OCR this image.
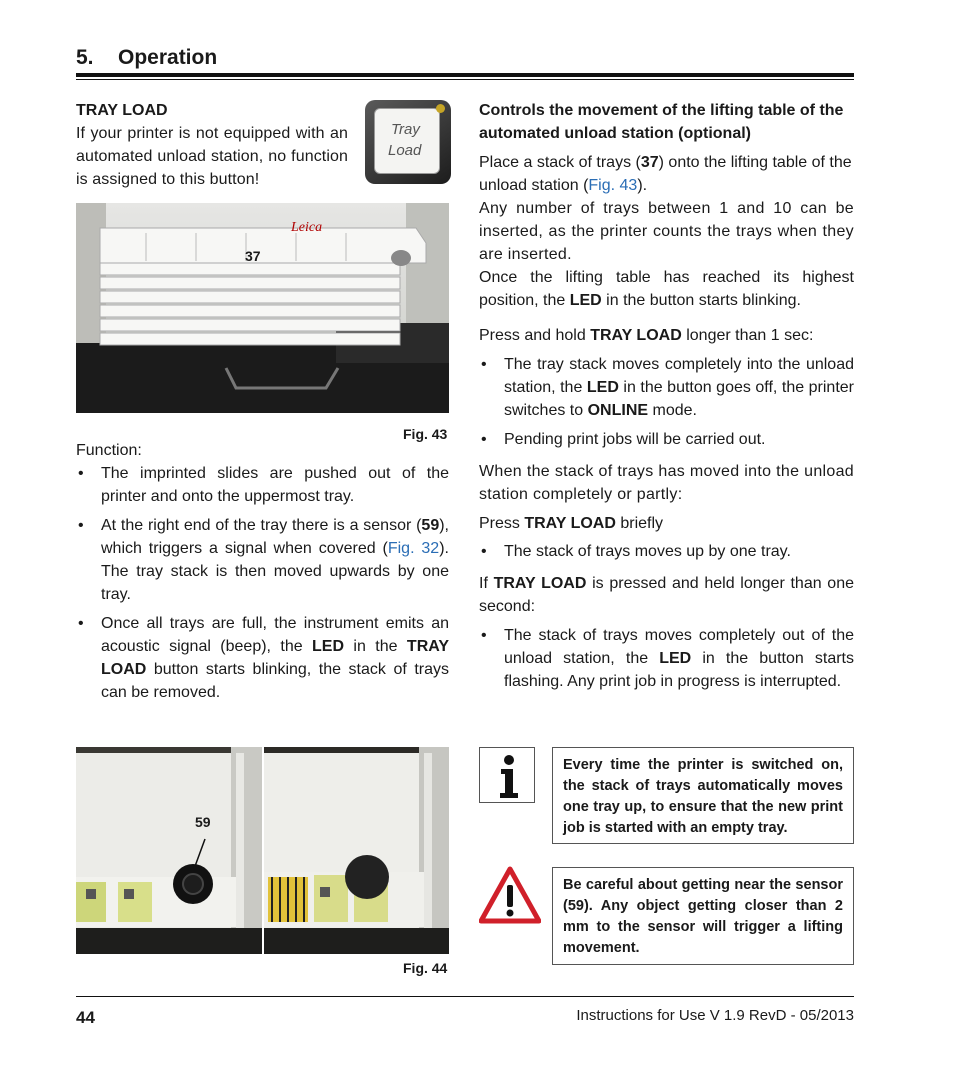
5. Operation
TRAY LOAD
If your printer is not equipped with an automated unload station, no function is assigned to this button!
Tray
Load
Leica
37
Fig. 43
Function:
• The imprinted slides are pushed out of the printer and onto the uppermost tray.
• At the right end of the tray there is a sensor (59), which triggers a signal when covered (Fig. 32). The tray stack is then moved upwards by one tray.
• Once all trays are full, the instrument emits an acoustic signal (beep), the LED in the TRAY LOAD button starts blinking, the stack of trays can be removed.
59
Fig. 44
Controls the movement of the lifting table of the automated unload station (optional)
Place a stack of trays (37) onto the lifting table of the unload station (Fig. 43).
Any number of trays between 1 and 10 can be inserted, as the printer counts the trays when they are inserted.
Once the lifting table has reached its highest position, the LED in the button starts blinking.
Press and hold TRAY LOAD longer than 1 sec:
• The tray stack moves completely into the unload station, the LED in the button goes off, the printer switches to ONLINE mode.
• Pending print jobs will be carried out.
When the stack of trays has moved into the unload station completely or partly:
Press TRAY LOAD briefly
• The stack of trays moves up by one tray.
If TRAY LOAD is pressed and held longer than one second:
• The stack of trays moves completely out of the unload station, the LED in the button starts flashing. Any print job in progress is interrupted.
Every time the printer is switched on, the stack of trays automatically moves one tray up, to ensure that the new print job is started with an empty tray.
Be careful about getting near the sensor (59). Any object getting closer than 2 mm to the sensor will trigger a lifting movement.
44	Instructions for Use V 1.9 RevD - 05/2013
